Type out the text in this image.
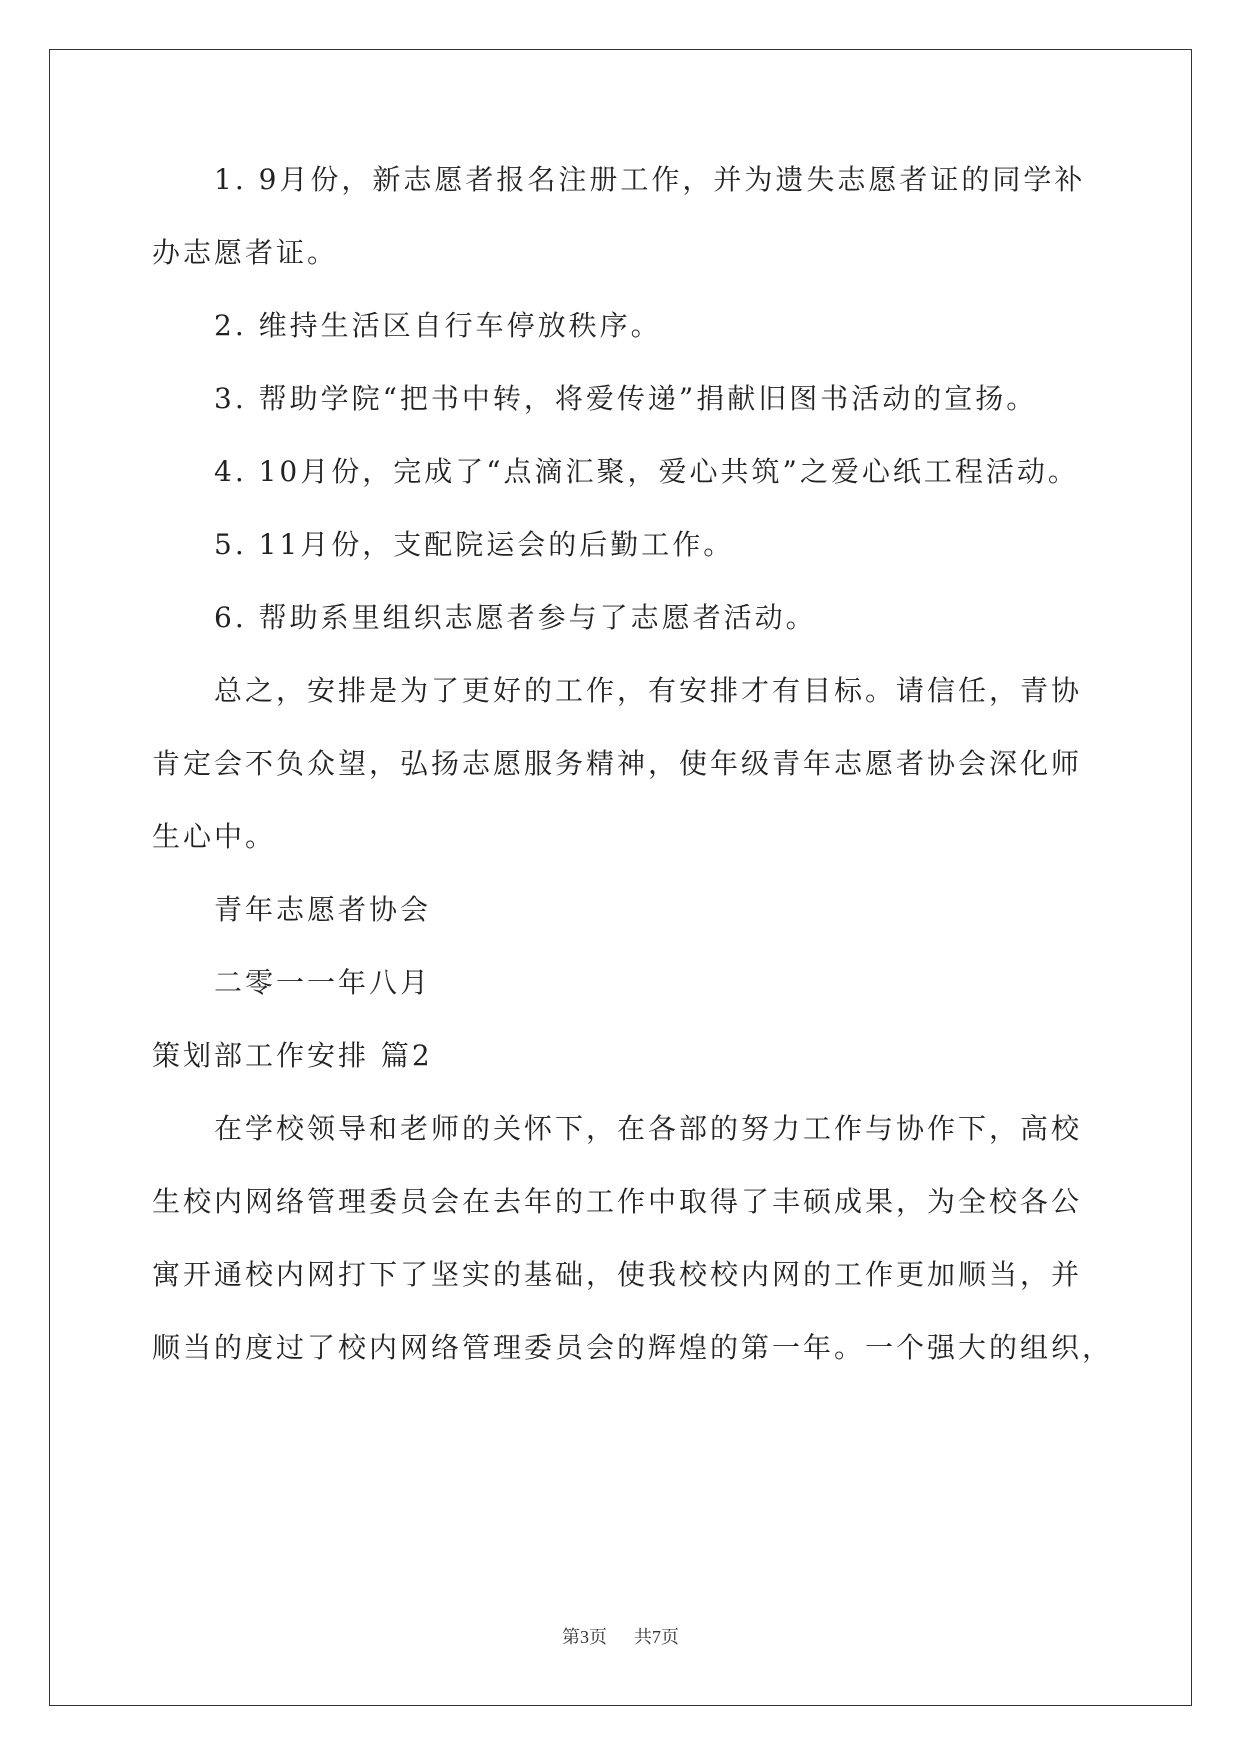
1. 9月份，新志愿者报名注册工作，并为遗失志愿者证的同学补
办志愿者证。
2. 维持生活区自行车停放秩序。
3. 帮助学院“把书中转，将爱传递”捐献旧图书活动的宣扬。
4. 10月份，完成了“点滴汇聚，爱心共筑”之爱心纸工程活动。
5. 11月份，支配院运会的后勤工作。
6. 帮助系里组织志愿者参与了志愿者活动。
总之，安排是为了更好的工作，有安排才有目标。请信任，青协
肯定会不负众望，弘扬志愿服务精神，使年级青年志愿者协会深化师
生心中。
青年志愿者协会
二零一一年八月
策划部工作安排 篇2
在学校领导和老师的关怀下，在各部的努力工作与协作下，高校
生校内网络管理委员会在去年的工作中取得了丰硕成果，为全校各公
寓开通校内网打下了坚实的基础，使我校校内网的工作更加顺当，并
顺当的度过了校内网络管理委员会的辉煌的第一年。一个强大的组织，
第3页 共7页
